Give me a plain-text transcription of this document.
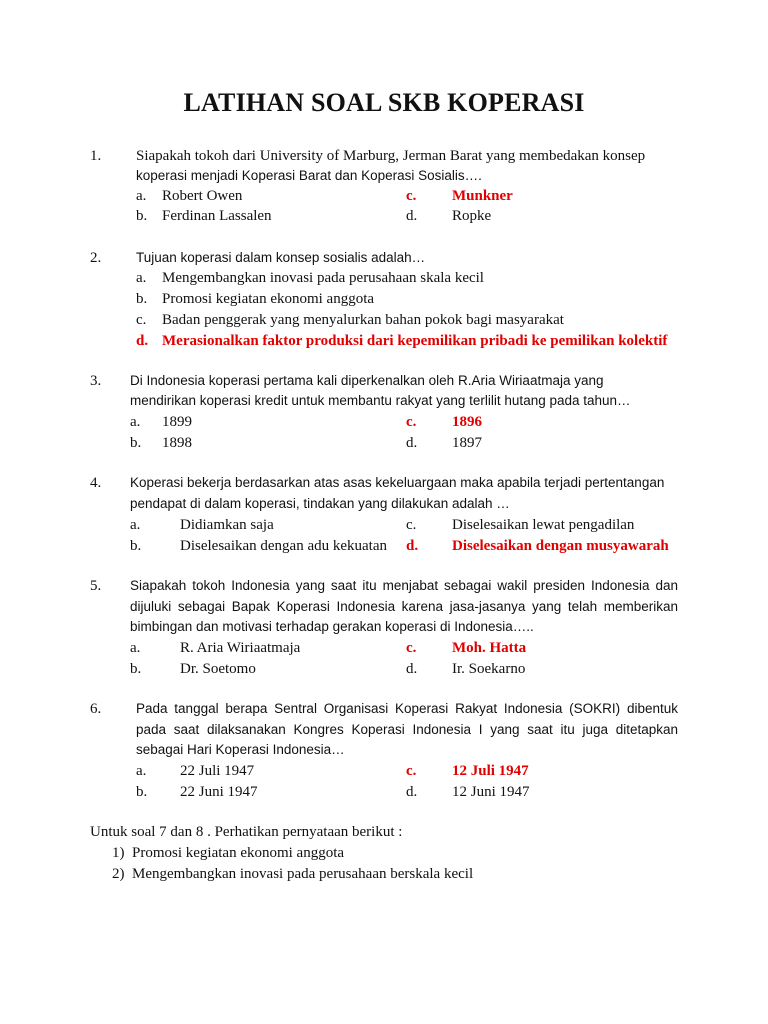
LATIHAN SOAL SKB KOPERASI
1. Siapakah tokoh dari University of Marburg, Jerman Barat yang membedakan konsep
koperasi menjadi Koperasi Barat dan Koperasi Sosialis….
a. Robert Owen	c. Munkner
b. Ferdinan Lassalen	d. Ropke
2.	Tujuan koperasi dalam konsep sosialis adalah…
a. Mengembangkan inovasi pada perusahaan skala kecil
b. Promosi kegiatan ekonomi anggota
c. Badan penggerak yang menyalurkan bahan pokok bagi masyarakat
d. Merasionalkan faktor produksi dari kepemilikan pribadi ke pemilikan kolektif
3. Di Indonesia koperasi pertama kali diperkenalkan oleh R.Aria Wiriaatmaja yang
mendirikan koperasi kredit untuk membantu rakyat yang terlilit hutang pada tahun…
a. 1899	c. 1896
b. 1898	d. 1897
4. Koperasi bekerja berdasarkan atas asas kekeluargaan maka apabila terjadi pertentangan
pendapat di dalam koperasi, tindakan yang dilakukan adalah …
a.	Didiamkan saja	c. Diselesaikan lewat pengadilan
b.	Diselesaikan dengan adu kekuatan d. Diselesaikan dengan musyawarah
5. Siapakah tokoh Indonesia yang saat itu menjabat sebagai wakil presiden Indonesia dan
dijuluki sebagai Bapak Koperasi Indonesia karena jasa-jasanya yang telah memberikan
bimbingan dan motivasi terhadap gerakan koperasi di Indonesia…..
a.	R. Aria Wiriaatmaja	c. Moh. Hatta
b.	Dr. Soetomo	d. Ir. Soekarno
6.	Pada tanggal berapa Sentral Organisasi Koperasi Rakyat Indonesia (SOKRI) dibentuk
pada saat dilaksanakan Kongres Koperasi Indonesia I yang saat itu juga ditetapkan
sebagai Hari Koperasi Indonesia…
a. 22 Juli 1947	c. 12 Juli 1947
b. 22 Juni 1947	d. 12 Juni 1947
Untuk soal 7 dan 8 . Perhatikan pernyataan berikut :
1) Promosi kegiatan ekonomi anggota
2) Mengembangkan inovasi pada perusahaan berskala kecil
